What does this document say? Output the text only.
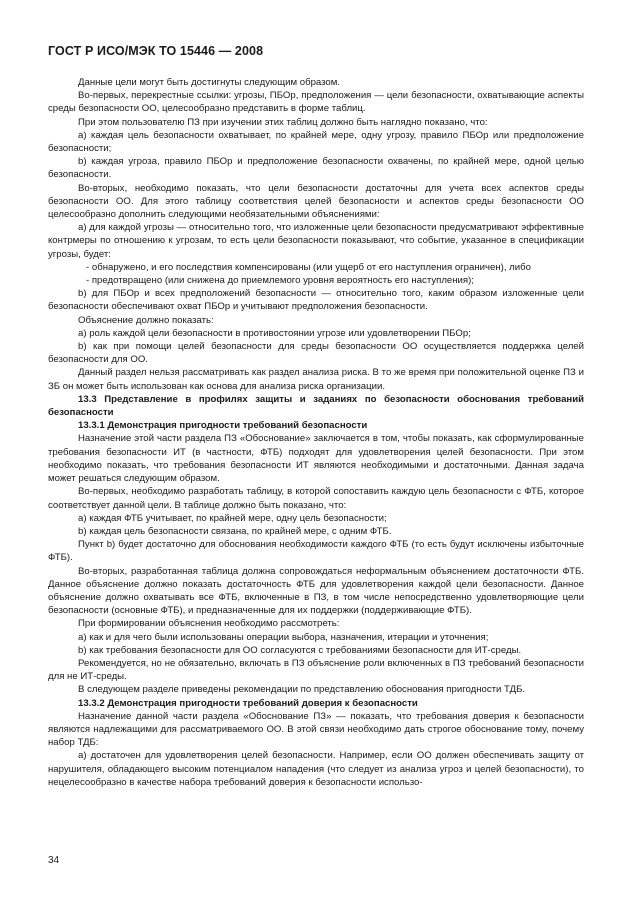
ГОСТ Р ИСО/МЭК ТО 15446 — 2008

Данные цели могут быть достигнуты следующим образом.

Во-первых, перекрестные ссылки: угрозы, ПБОр, предположения — цели безопасности, охватывающие аспекты среды безопасности ОО, целесообразно представить в форме таблиц.

При этом пользователю ПЗ при изучении этих таблиц должно быть наглядно показано, что:

a) каждая цель безопасности охватывает, по крайней мере, одну угрозу, правило ПБОр или предположение безопасности;

b) каждая угроза, правило ПБОр и предположение безопасности охвачены, по крайней мере, одной целью безопасности.

Во-вторых, необходимо показать, что цели безопасности достаточны для учета всех аспектов среды безопасности ОО. Для этого таблицу соответствия целей безопасности и аспектов среды безопасности ОО целесообразно дополнить следующими необязательными объяснениями:

a) для каждой угрозы — относительно того, что изложенные цели безопасности предусматривают эффективные контрмеры по отношению к угрозам, то есть цели безопасности показывают, что событие, указанное в спецификации угрозы, будет:

- обнаружено, и его последствия компенсированы (или ущерб от его наступления ограничен), либо

- предотвращено (или снижена до приемлемого уровня вероятность его наступления);

b) для ПБОр и всех предположений безопасности — относительно того, каким образом изложенные цели безопасности обеспечивают охват ПБОр и учитывают предположения безопасности.

Объяснение должно показать:

a) роль каждой цели безопасности в противостоянии угрозе или удовлетворении ПБОр;

b) как при помощи целей безопасности для среды безопасности ОО осуществляется поддержка целей безопасности для ОО.

Данный раздел нельзя рассматривать как раздел анализа риска. В то же время при положительной оценке ПЗ и ЗБ он может быть использован как основа для анализа риска организации.

13.3 Представление в профилях защиты и заданиях по безопасности обоснования требований безопасности

13.3.1 Демонстрация пригодности требований безопасности

Назначение этой части раздела ПЗ «Обоснование» заключается в том, чтобы показать, как сформулированные требования безопасности ИТ (в частности, ФТБ) подходят для удовлетворения целей безопасности. При этом необходимо показать, что требования безопасности ИТ являются необходимыми и достаточными. Данная задача может решаться следующим образом.

Во-первых, необходимо разработать таблицу, в которой сопоставить каждую цель безопасности с ФТБ, которое соответствует данной цели. В таблице должно быть показано, что:

a) каждая ФТБ учитывает, по крайней мере, одну цель безопасности;

b) каждая цель безопасности связана, по крайней мере, с одним ФТБ.

Пункт b) будет достаточно для обоснования необходимости каждого ФТБ (то есть будут исключены избыточные ФТБ).

Во-вторых, разработанная таблица должна сопровождаться неформальным объяснением достаточности ФТБ. Данное объяснение должно показать достаточность ФТБ для удовлетворения каждой цели безопасности. Данное объяснение должно охватывать все ФТБ, включенные в ПЗ, в том числе непосредственно удовлетворяющие цели безопасности (основные ФТБ), и предназначенные для их поддержки (поддерживающие ФТБ).

При формировании объяснения необходимо рассмотреть:

a) как и для чего были использованы операции выбора, назначения, итерации и уточнения;

b) как требования безопасности для ОО согласуются с требованиями безопасности для ИТ-среды.

Рекомендуется, но не обязательно, включать в ПЗ объяснение роли включенных в ПЗ требований безопасности для не ИТ-среды.

В следующем разделе приведены рекомендации по представлению обоснования пригодности ТДБ.

13.3.2 Демонстрация пригодности требований доверия к безопасности

Назначение данной части раздела «Обоснование ПЗ» — показать, что требования доверия к безопасности являются надлежащими для рассматриваемого ОО. В этой связи необходимо дать строгое обоснование тому, почему набор ТДБ:

a) достаточен для удовлетворения целей безопасности. Например, если ОО должен обеспечивать защиту от нарушителя, обладающего высоким потенциалом нападения (что следует из анализа угроз и целей безопасности), то нецелесообразно в качестве набора требований доверия к безопасности использо-

34
